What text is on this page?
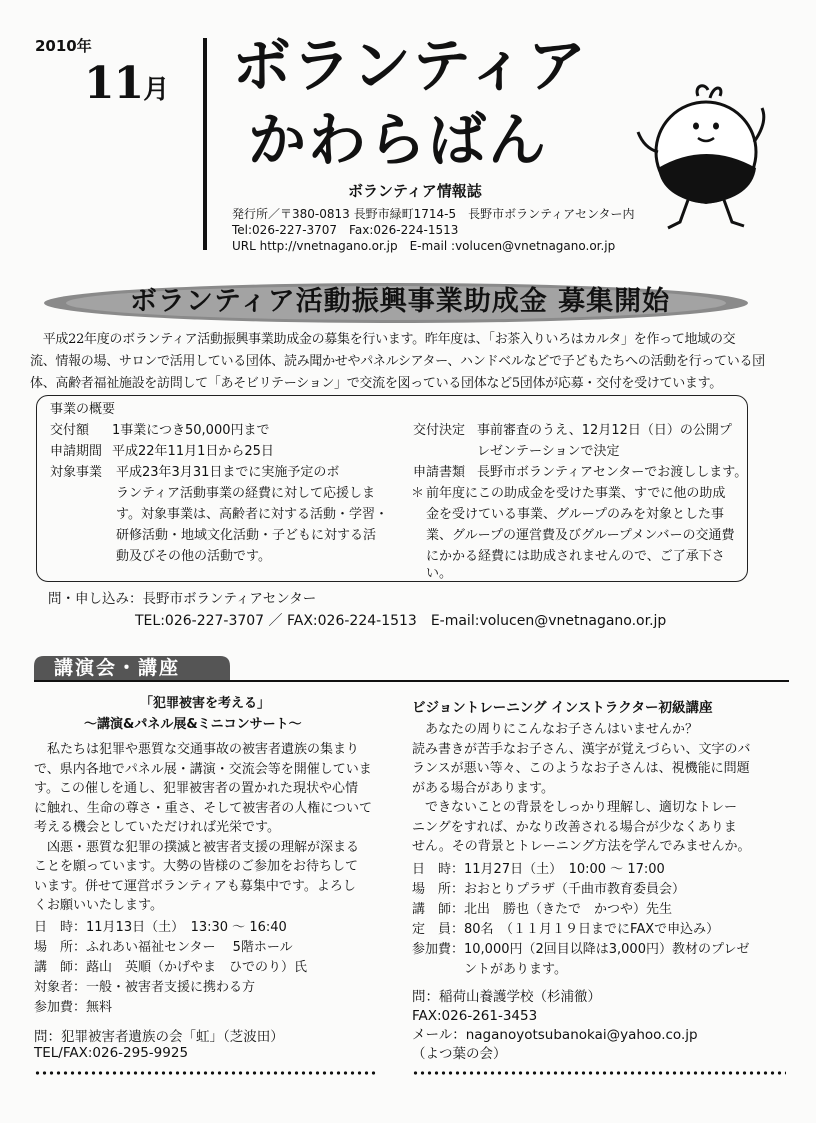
2010年
11月 ボランティア
かわらばん
ボランティア情報誌
発行所／〒380-0813 長野市緑町1714-5　長野市ボランティアセンター内
Tel:026-227-3707　Fax:026-224-1513
URL http://vnetnagano.or.jp　E-mail :volucen@vnetnagano.or.jp
ボランティア活動振興事業助成金 募集開始
　平成22年度のボランティア活動振興事業助成金の募集を行います。昨年度は、「お茶入りいろはカルタ」を作って地域の交
流、情報の場、サロンで活用している団体、読み聞かせやパネルシアター、ハンドベルなどで子どもたちへの活動を行っている団
体、高齢者福祉施設を訪問して「あそビリテーション」で交流を図っている団体など5団体が応募・交付を受けています。
事業の概要
交付額 1事業につき50,000円まで
申請期間 平成22年11月1日から25日
対象事業 平成23年3月31日までに実施予定のボ
ランティア活動事業の経費に対して応援しま
す。対象事業は、高齢者に対する活動・学習・
研修活動・地域文化活動・子どもに対する活
動及びその他の活動です。
交付決定 事前審査のうえ、12月12日（日）の公開プ
レゼンテーションで決定
申請書類 長野市ボランティアセンターでお渡しします。
＊ 前年度にこの助成金を受けた事業、すでに他の助成
金を受けている事業、グループのみを対象とした事
業、グループの運営費及びグループメンバーの交通費
にかかる経費には助成されませんので、ご了承下さ
い。
問・申し込み：長野市ボランティアセンター
TEL:026-227-3707 ／ FAX:026-224-1513　E-mail:volucen@vnetnagano.or.jp
講演会・講座
「犯罪被害を考える」
～講演&パネル展&ミニコンサート～
　私たちは犯罪や悪質な交通事故の被害者遺族の集まり
で、県内各地でパネル展・講演・交流会等を開催していま
す。この催しを通し、犯罪被害者の置かれた現状や心情
に触れ、生命の尊さ・重さ、そして被害者の人権について
考える機会としていただければ光栄です。
　凶悪・悪質な犯罪の撲滅と被害者支援の理解が深まる
ことを願っています。大勢の皆様のご参加をお待ちして
います。併せて運営ボランティアも募集中です。よろし
くお願いいたします。
日　時：11月13日（土）　13:30 ～ 16:40
場　所：ふれあい福祉センター　 5階ホール
講　師：蕗山　英順（かげやま　ひでのり）氏
対象者：一般・被害者支援に携わる方
参加費：無料
問：犯罪被害者遺族の会「虹」（芝波田）
TEL/FAX:026-295-9925
ビジョントレーニング インストラクター初級講座
　あなたの周りにこんなお子さんはいませんか？
読み書きが苦手なお子さん、漢字が覚えづらい、文字のバ
ランスが悪い等々、このようなお子さんは、視機能に問題
がある場合があります。
　できないことの背景をしっかり理解し、適切なトレー
ニングをすれば、かなり改善される場合が少なくありま
せん。その背景とトレーニング方法を学んでみませんか。
日　時：11月27日（土）　10:00 ～ 17:00
場　所：おおとりプラザ（千曲市教育委員会）
講　師：北出　勝也（きたで　かつや）先生
定　員：80名　（１１月１９日までにFAXで申込み）
参加費：10,000円（2回目以降は3,000円）教材のプレゼ
　　　　ントがあります。
問：稲荷山養護学校（杉浦徹）
FAX:026-261-3453
メール：naganoyotsubanokai@yahoo.co.jp
（よつ葉の会）
